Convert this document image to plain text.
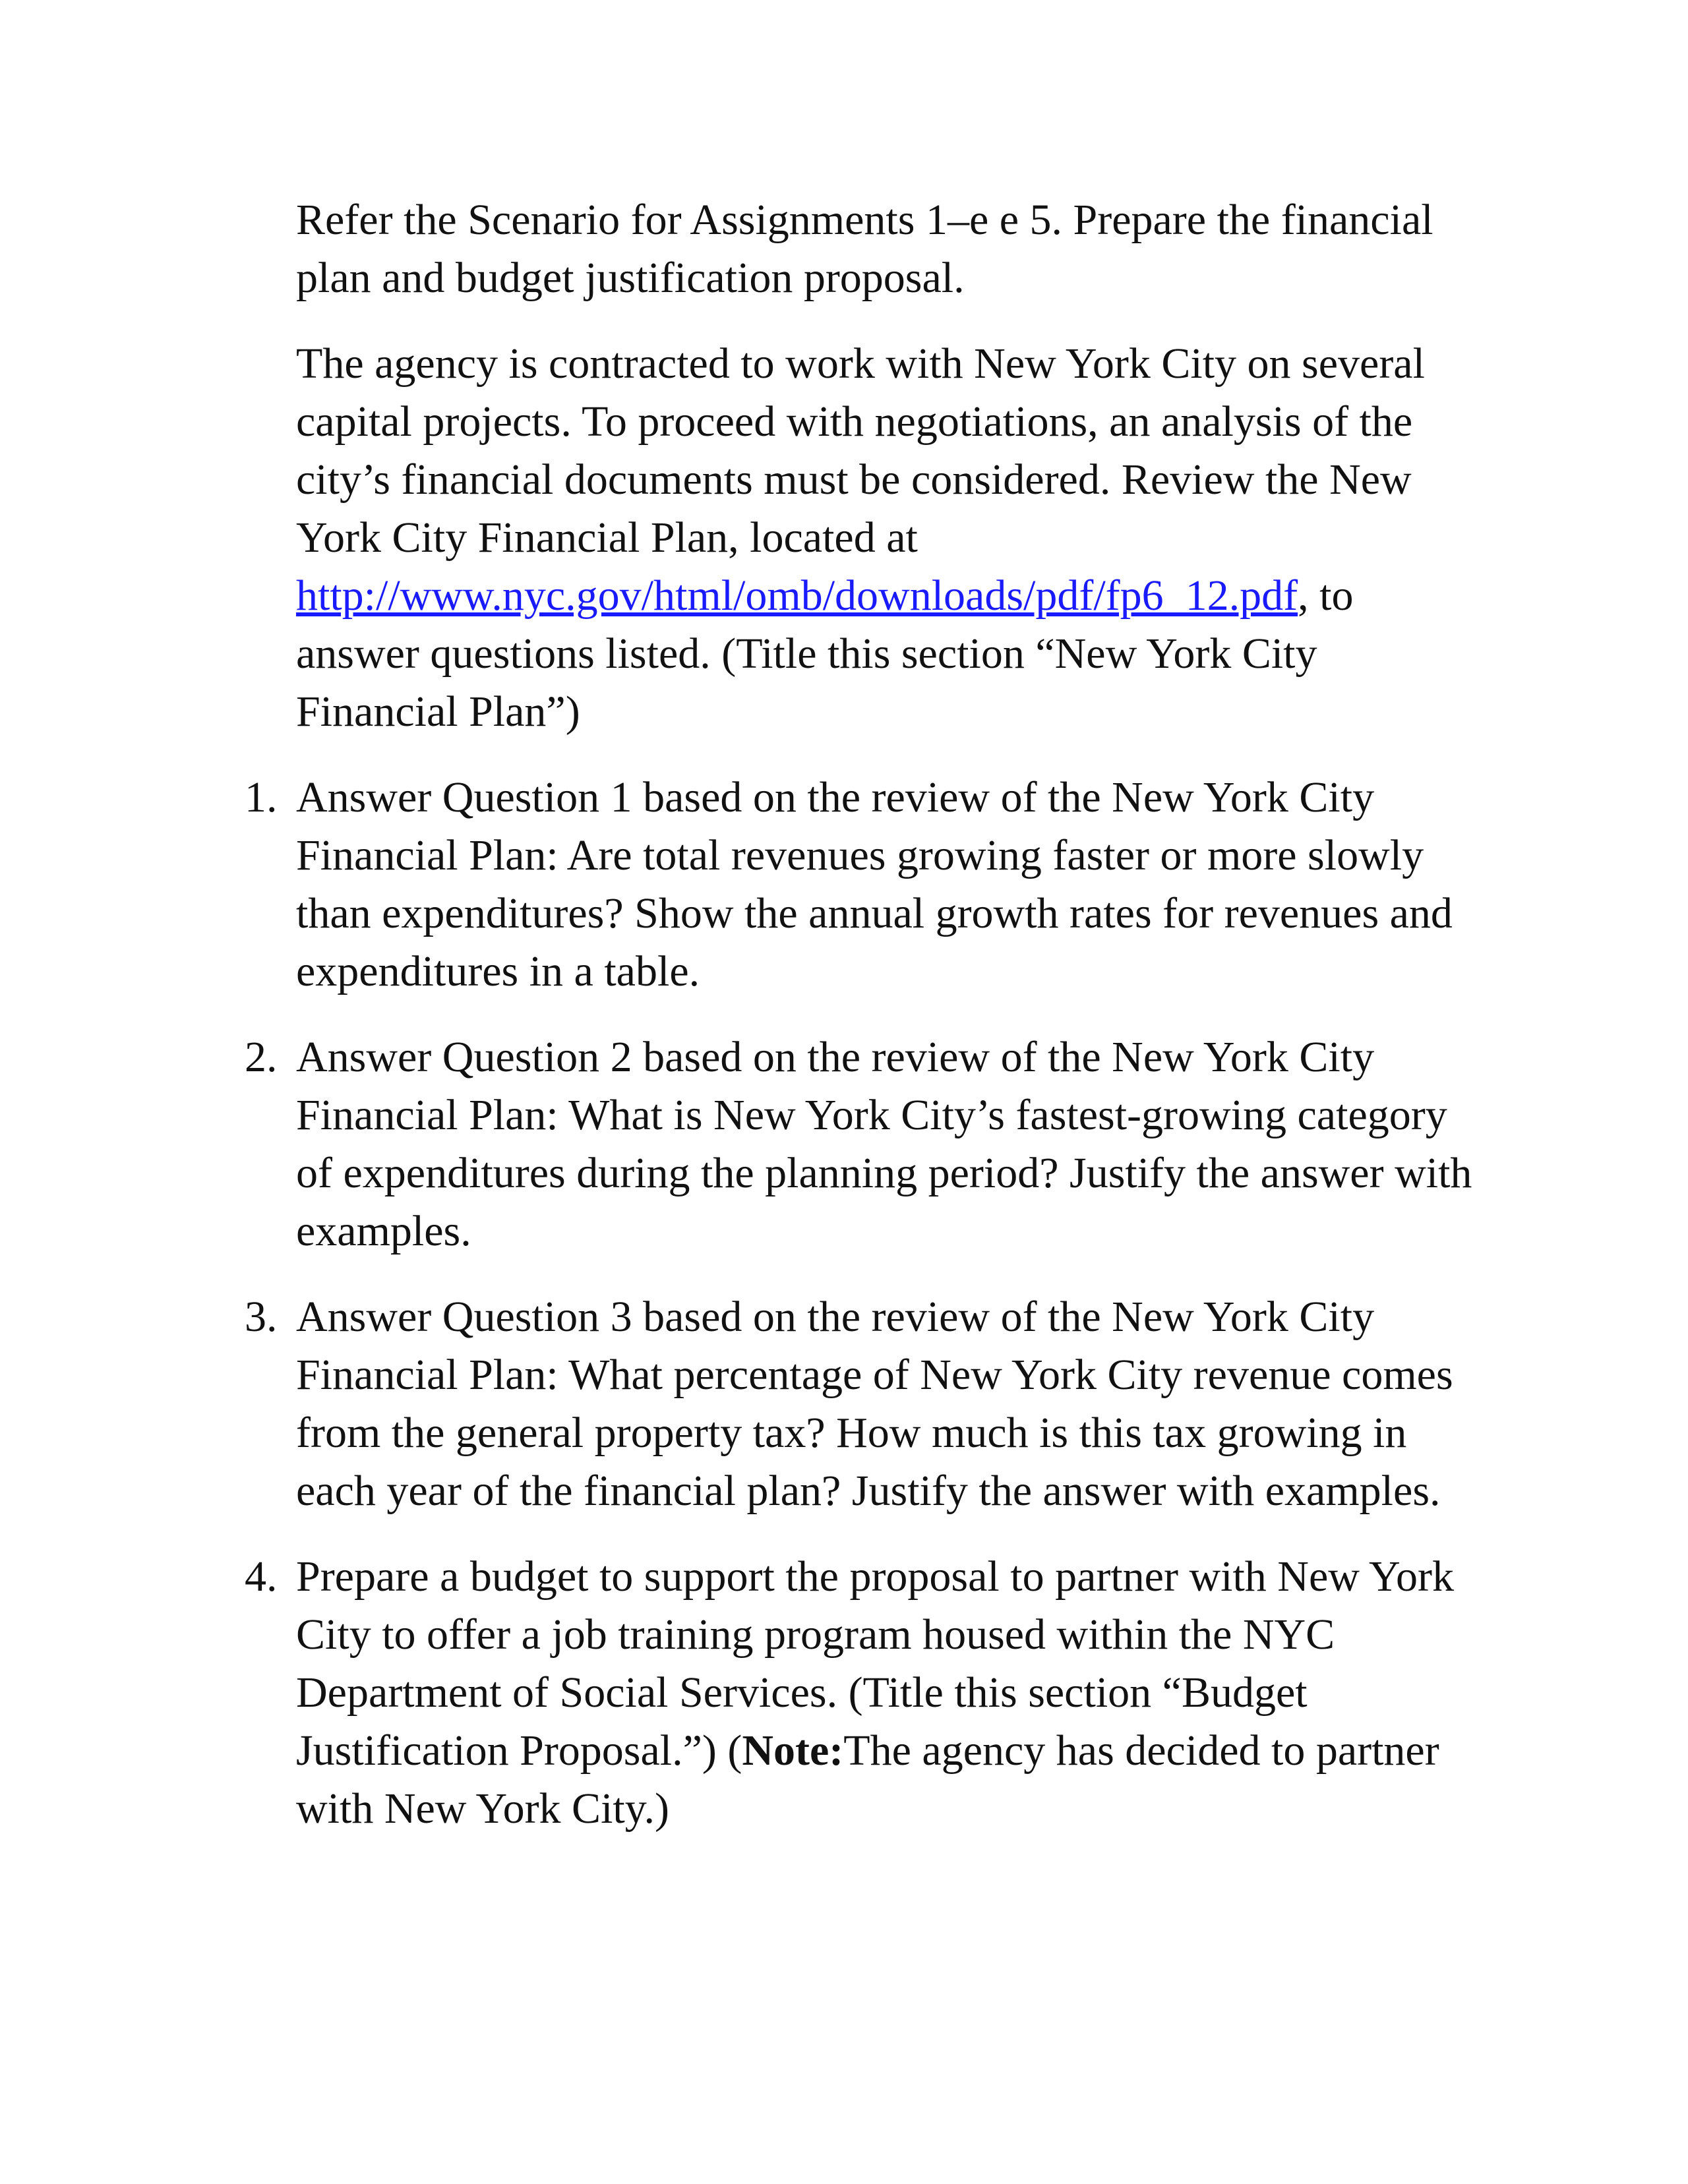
Refer the Scenario for Assignments 1–e e 5. Prepare the financial plan and budget justification proposal.

The agency is contracted to work with New York City on several capital projects. To proceed with negotiations, an analysis of the city’s financial documents must be considered. Review the New York City Financial Plan, located at http://www.nyc.gov/html/omb/downloads/pdf/fp6_12.pdf, to answer questions listed. (Title this section “New York City Financial Plan”)

1. Answer Question 1 based on the review of the New York City Financial Plan: Are total revenues growing faster or more slowly than expenditures? Show the annual growth rates for revenues and expenditures in a table.
2. Answer Question 2 based on the review of the New York City Financial Plan: What is New York City’s fastest-growing category of expenditures during the planning period? Justify the answer with examples.
3. Answer Question 3 based on the review of the New York City Financial Plan: What percentage of New York City revenue comes from the general property tax? How much is this tax growing in each year of the financial plan? Justify the answer with examples.
4. Prepare a budget to support the proposal to partner with New York City to offer a job training program housed within the NYC Department of Social Services. (Title this section “Budget Justification Proposal.”) (Note:The agency has decided to partner with New York City.)
